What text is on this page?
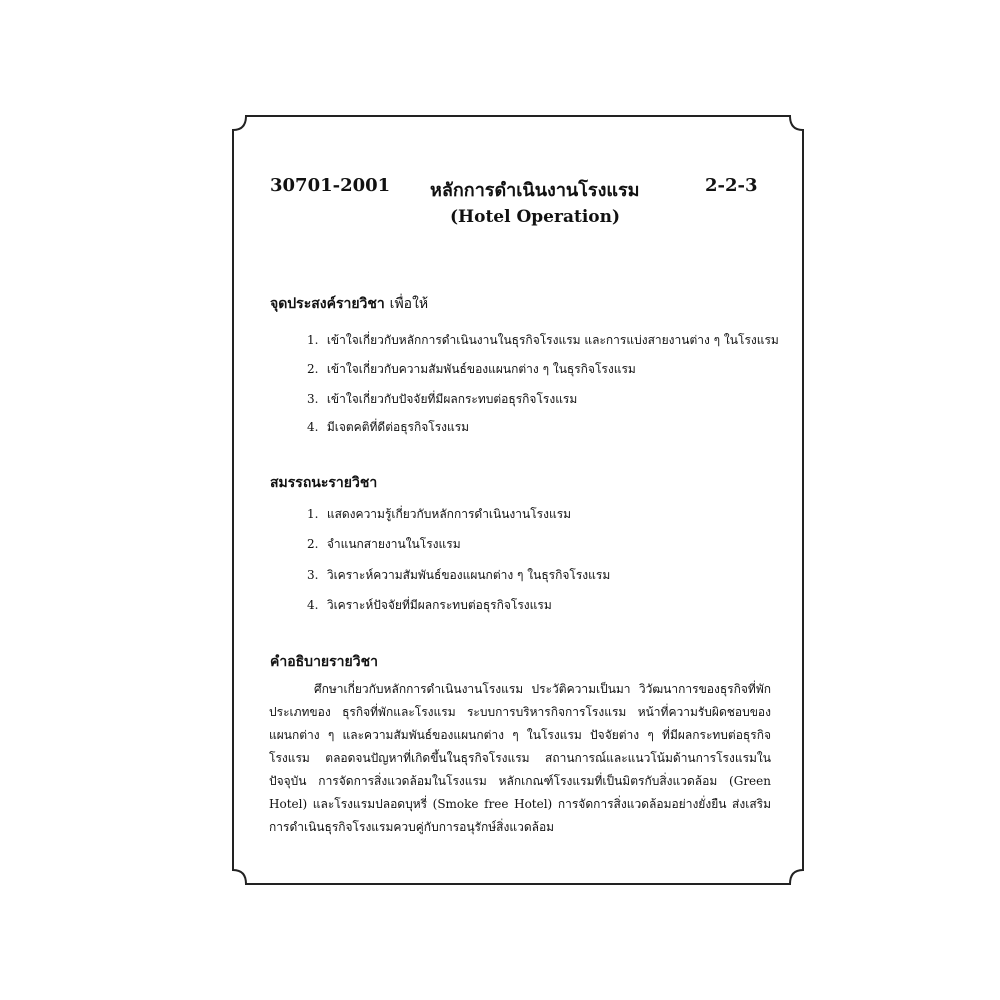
30701-2001 หลักการดำเนินงานโรงแรม	2-2-3
(Hotel Operation)
จุดประสงค์รายวิชา เพื่อให้
1. เข้าใจเกี่ยวกับหลักการดำเนินงานในธุรกิจโรงแรม และการแบ่งสายงานต่าง ๆ ในโรงแรม
2. เข้าใจเกี่ยวกับความสัมพันธ์ของแผนกต่าง ๆ ในธุรกิจโรงแรม
3. เข้าใจเกี่ยวกับปัจจัยที่มีผลกระทบต่อธุรกิจโรงแรม
4. มีเจตคติที่ดีต่อธุรกิจโรงแรม
สมรรถนะรายวิชา
1. แสดงความรู้เกี่ยวกับหลักการดำเนินงานโรงแรม
2. จำแนกสายงานในโรงแรม
3. วิเคราะห์ความสัมพันธ์ของแผนกต่าง ๆ ในธุรกิจโรงแรม
4. วิเคราะห์ปัจจัยที่มีผลกระทบต่อธุรกิจโรงแรม
คำอธิบายรายวิชา

ศึกษาเกี่ยวกับหลักการดำเนินงานโรงแรม ประวัติความเป็นมา วิวัฒนาการของธุรกิจที่พักประเภทของ ธุรกิจที่พักและโรงแรม ระบบการบริหารกิจการโรงแรม หน้าที่ความรับผิดชอบของแผนกต่าง ๆ และความสัมพันธ์ของแผนกต่าง ๆ ในโรงแรม ปัจจัยต่าง ๆ ที่มีผลกระทบต่อธุรกิจโรงแรม ตลอดจนปัญหาที่เกิดขึ้นในธุรกิจโรงแรม สถานการณ์และแนวโน้มด้านการโรงแรมในปัจจุบัน การจัดการสิ่งแวดล้อมในโรงแรม หลักเกณฑ์โรงแรมที่เป็นมิตรกับสิ่งแวดล้อม (Green Hotel) และโรงแรมปลอดบุหรี่ (Smoke free Hotel) การจัดการสิ่งแวดล้อมอย่างยั่งยืน ส่งเสริมการดำเนินธุรกิจโรงแรมควบคู่กับการอนุรักษ์สิ่งแวดล้อม
